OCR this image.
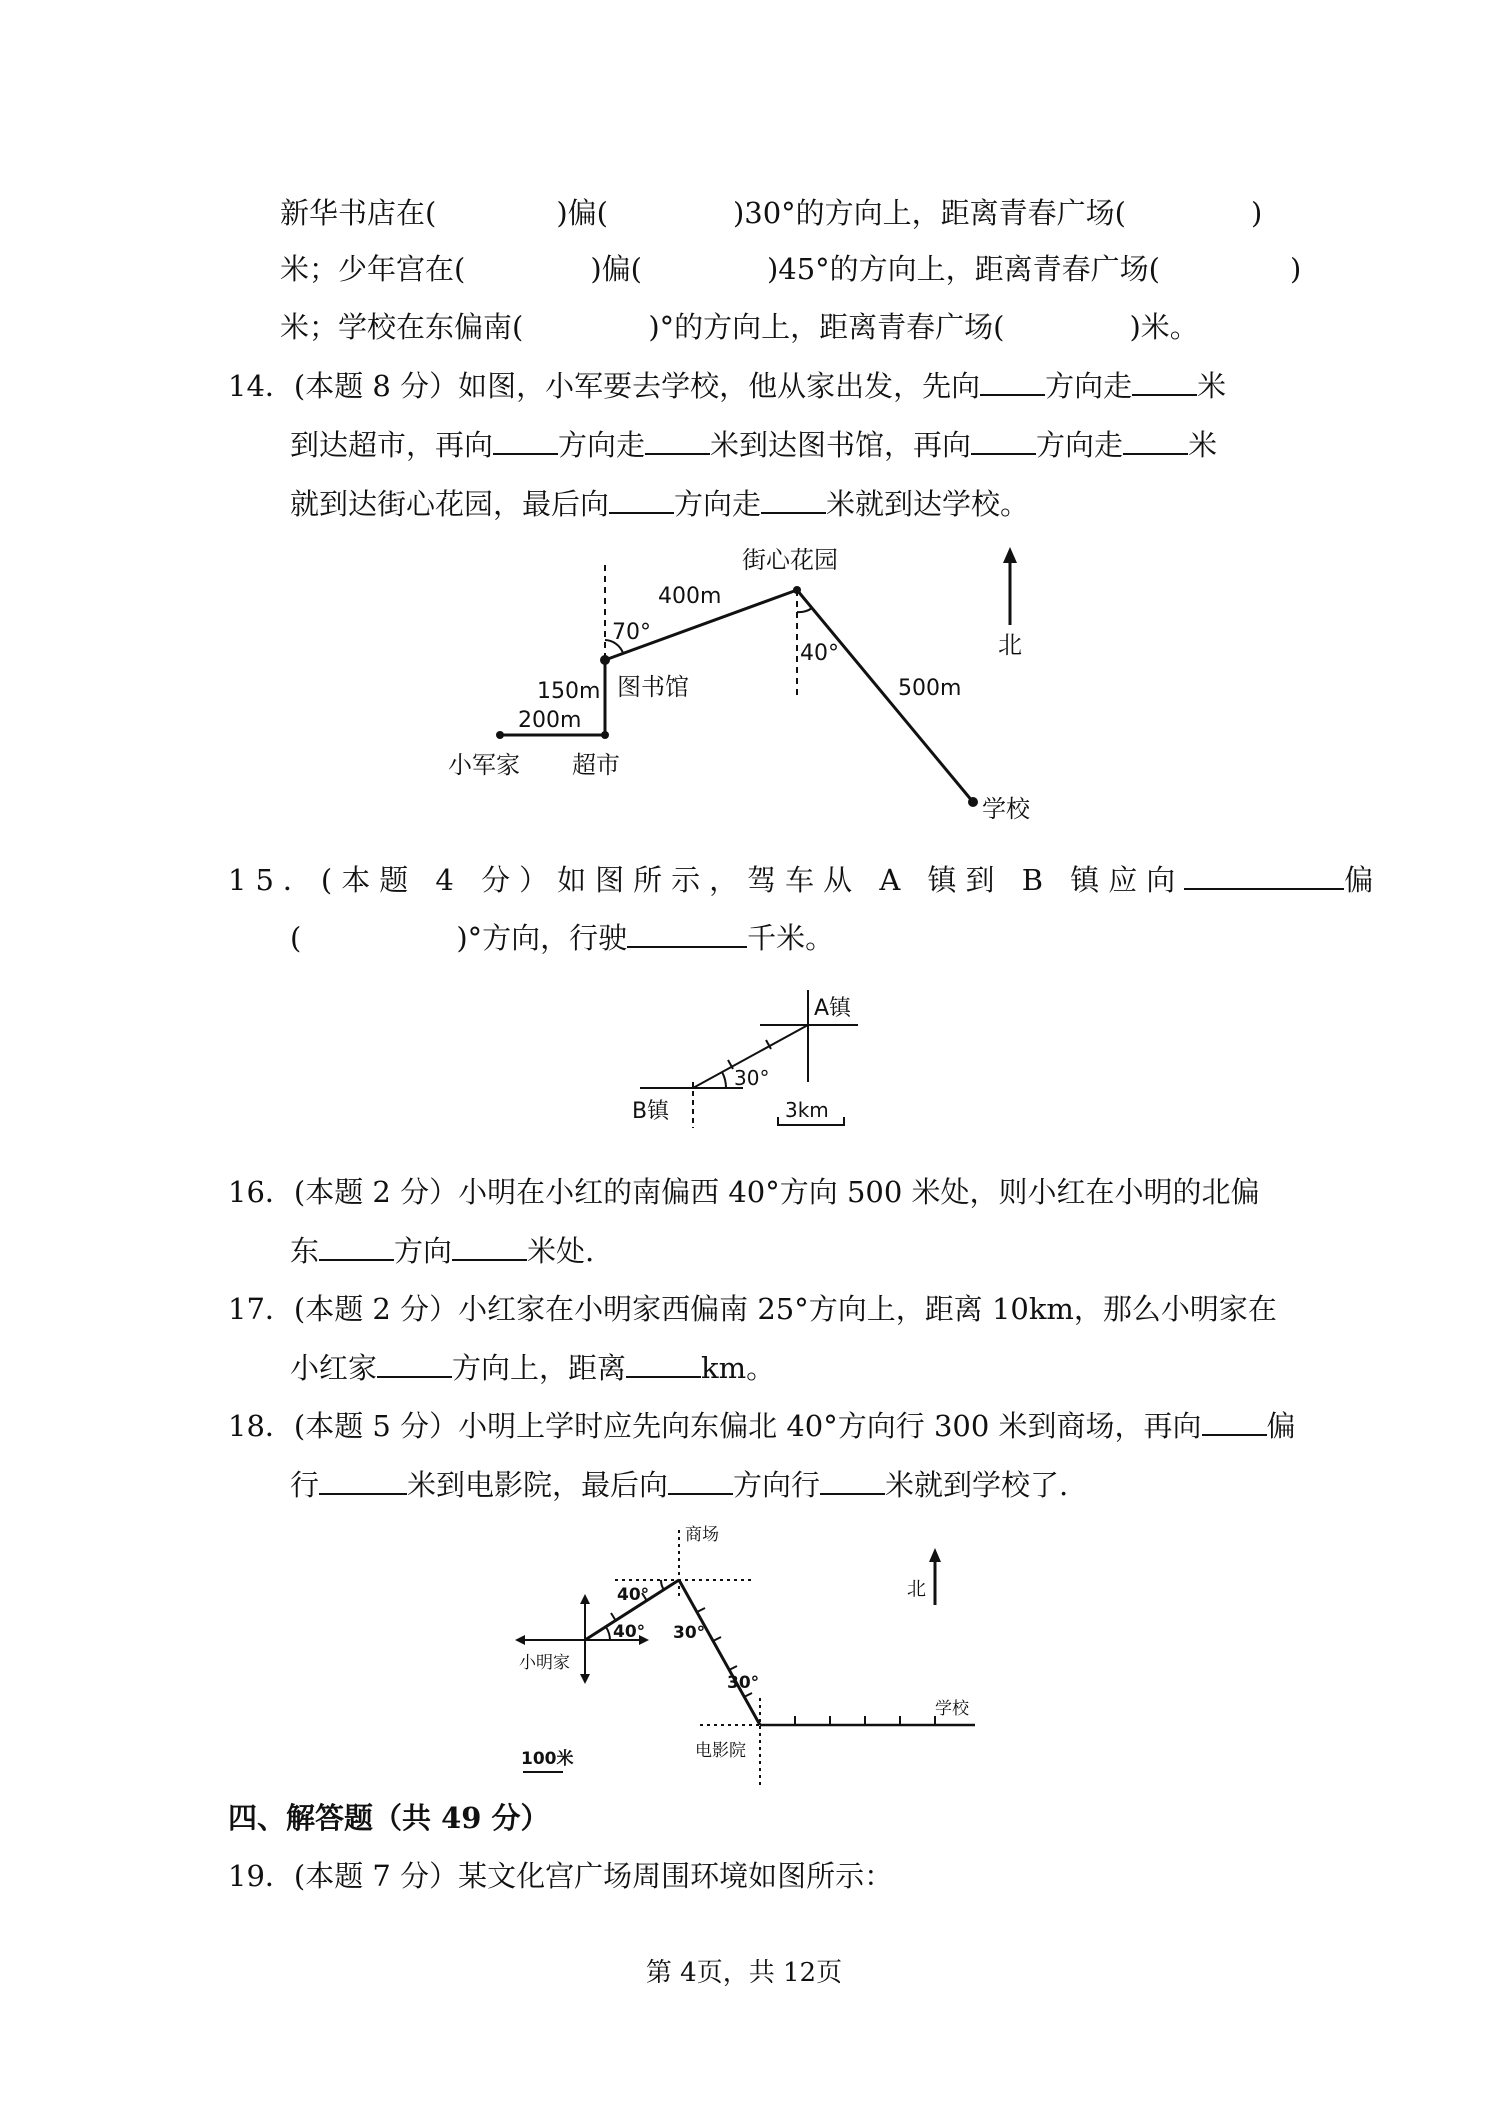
新华书店在(	)偏(	)30°的方向上，距离青春广场(	)
米；少年宫在(	)偏(	)45°的方向上，距离青春广场(	)
米；学校在东偏南(	)°的方向上，距离青春广场(	)米。
14．(本题 8 分）如图，小军要去学校，他从家出发，先向 方向走 米
到达超市，再向 方向走 米到达图书馆，再向 方向走 米
就到达街心花园，最后向 方向走 米就到达学校。
北
小军家 超市
图书馆
街心花园
学校
200m
150m
400m
500m
70°
40°
15．(本题 4 分）如图所示，驾车从 A 镇到 B 镇应向	偏
(	)°方向，行驶	千米。
A镇
B镇
30°
3km
16．(本题 2 分）小明在小红的南偏西 40°方向 500 米处，则小红在小明的北偏
东	方向	米处.
17．(本题 2 分）小红家在小明家西偏南 25°方向上，距离 10km，那么小明家在
小红家	方向上，距离	km。
18．(本题 5 分）小明上学时应先向东偏北 40°方向行 300 米到商场，再向 偏
行	米到电影院，最后向 方向行 米就到学校了.
北
商场
小明家
电影院
学校
40°
40° 30°
30°
100米
四、解答题（共 49 分）
19．(本题 7 分）某文化宫广场周围环境如图所示：
第 4页，共 12页
